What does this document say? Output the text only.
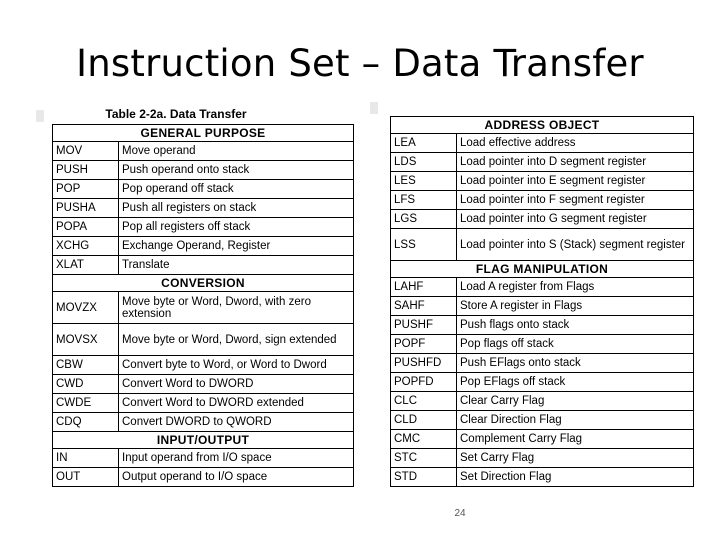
Instruction Set – Data Transfer
Table 2-2a. Data Transfer
GENERAL PURPOSE	
MOV	Move operand
PUSH	Push operand onto stack
POP	Pop operand off stack
PUSHA	Push all registers on stack
POPA	Pop all registers off stack
XCHG	Exchange Operand, Register
XLAT	Translate
CONVERSION	
MOVZX	Move byte or Word, Dword, with zero extension
MOVSX	Move byte or Word, Dword, sign extended
CBW	Convert byte to Word, or Word to Dword
CWD	Convert Word to DWORD
CWDE	Convert Word to DWORD extended
CDQ	Convert DWORD to QWORD
INPUT/OUTPUT	
IN	Input operand from I/O space
OUT	Output operand to I/O space
ADDRESS OBJECT	
LEA	Load effective address
LDS	Load pointer into D segment register
LES	Load pointer into E segment register
LFS	Load pointer into F segment register
LGS	Load pointer into G segment register
LSS	Load pointer into S (Stack) segment register
FLAG MANIPULATION	
LAHF	Load A register from Flags
SAHF	Store A register in Flags
PUSHF	Push flags onto stack
POPF	Pop flags off stack
PUSHFD	Push EFlags onto stack
POPFD	Pop EFlags off stack
CLC	Clear Carry Flag
CLD	Clear Direction Flag
CMC	Complement Carry Flag
STC	Set Carry Flag
STD	Set Direction Flag
24
